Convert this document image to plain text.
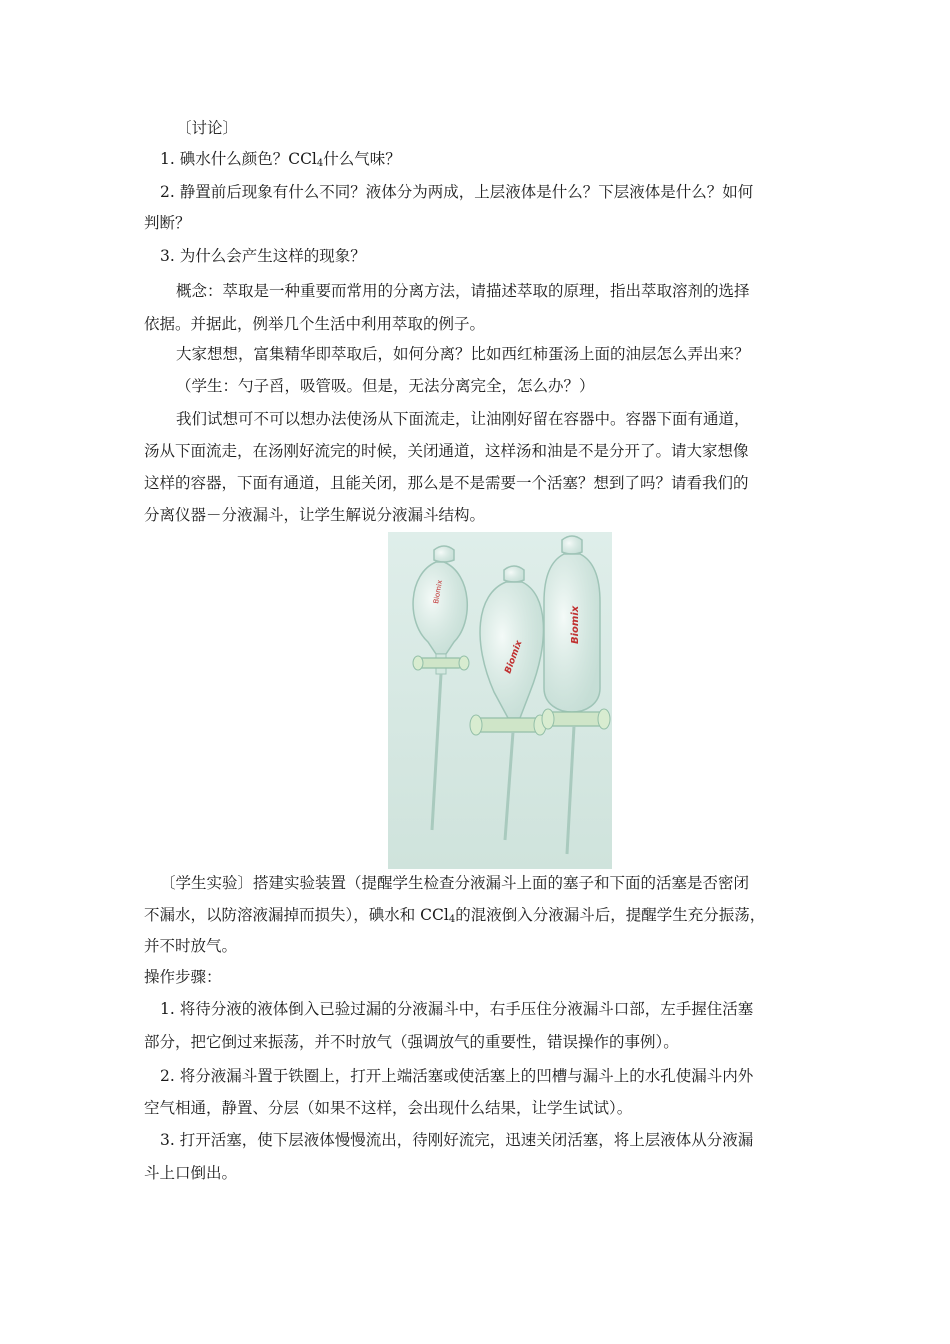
〔讨论〕
1. 碘水什么颜色？CCl$_4$什么气味？
2. 静置前后现象有什么不同？液体分为两成，上层液体是什么？下层液体是什么？如何
判断？
3. 为什么会产生这样的现象？
概念：萃取是一种重要而常用的分离方法，请描述萃取的原理，指出萃取溶剂的选择
依据。并据此，例举几个生活中利用萃取的例子。
大家想想，富集精华即萃取后，如何分离？比如西红柿蛋汤上面的油层怎么弄出来？
（学生：勺子舀，吸管吸。但是，无法分离完全，怎么办？）
我们试想可不可以想办法使汤从下面流走，让油刚好留在容器中。容器下面有通道，
汤从下面流走，在汤刚好流完的时候，关闭通道，这样汤和油是不是分开了。请大家想像
这样的容器，下面有通道，且能关闭，那么是不是需要一个活塞？想到了吗？请看我们的
分离仪器－分液漏斗，让学生解说分液漏斗结构。
Biomix
Biomix
Biomix
〔学生实验〕搭建实验装置（提醒学生检查分液漏斗上面的塞子和下面的活塞是否密闭
不漏水，以防溶液漏掉而损失），碘水和 CCl$_4$的混液倒入分液漏斗后，提醒学生充分振荡，
并不时放气。
操作步骤：
1. 将待分液的液体倒入已验过漏的分液漏斗中，右手压住分液漏斗口部，左手握住活塞
部分，把它倒过来振荡，并不时放气（强调放气的重要性，错误操作的事例）。
2. 将分液漏斗置于铁圈上，打开上端活塞或使活塞上的凹槽与漏斗上的水孔使漏斗内外
空气相通，静置、分层（如果不这样，会出现什么结果，让学生试试）。
3. 打开活塞，使下层液体慢慢流出，待刚好流完，迅速关闭活塞，将上层液体从分液漏
斗上口倒出。
